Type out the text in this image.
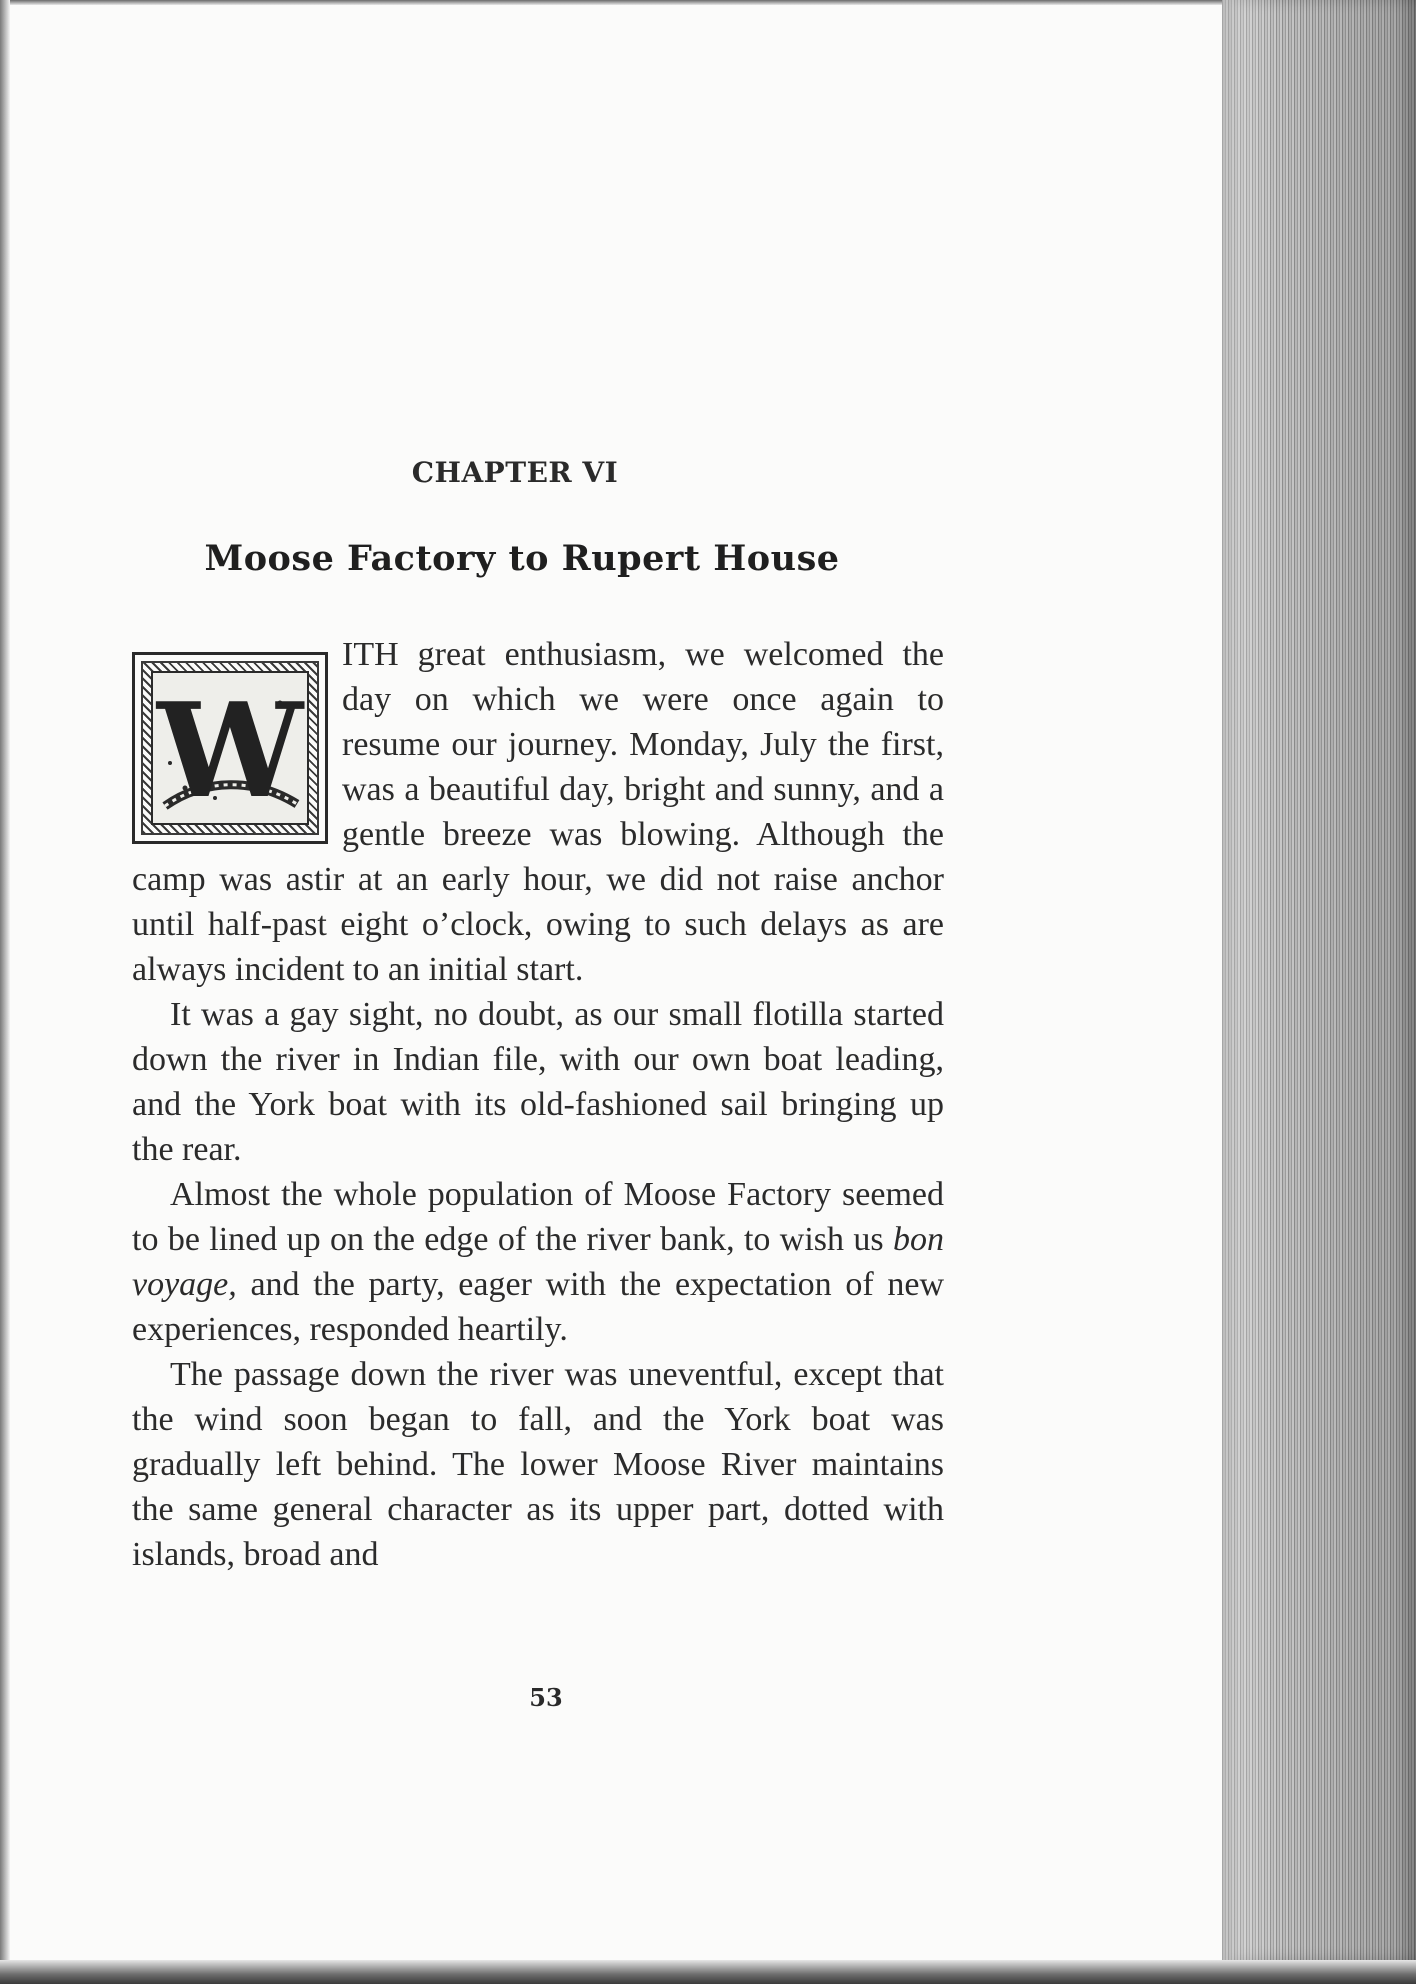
CHAPTER VI
Moose Factory to Rupert House

W
ITH great enthusiasm, we welcomed the day on which we were once again to resume our journey. Monday, July the first, was a beautiful day, bright and sunny, and a gentle breeze was blowing. Although the camp was astir at an early hour, we did not raise anchor until half-past eight o’clock, owing to such delays as are always incident to an initial start.

It was a gay sight, no doubt, as our small flotilla started down the river in Indian file, with our own boat leading, and the York boat with its old-fashioned sail bringing up the rear.

Almost the whole population of Moose Factory seemed to be lined up on the edge of the river bank, to wish us bon voyage, and the party, eager with the expectation of new experiences, responded heartily.

The passage down the river was uneventful, except that the wind soon began to fall, and the York boat was gradually left behind. The lower Moose River maintains the same general character as its upper part, dotted with islands, broad and

53
